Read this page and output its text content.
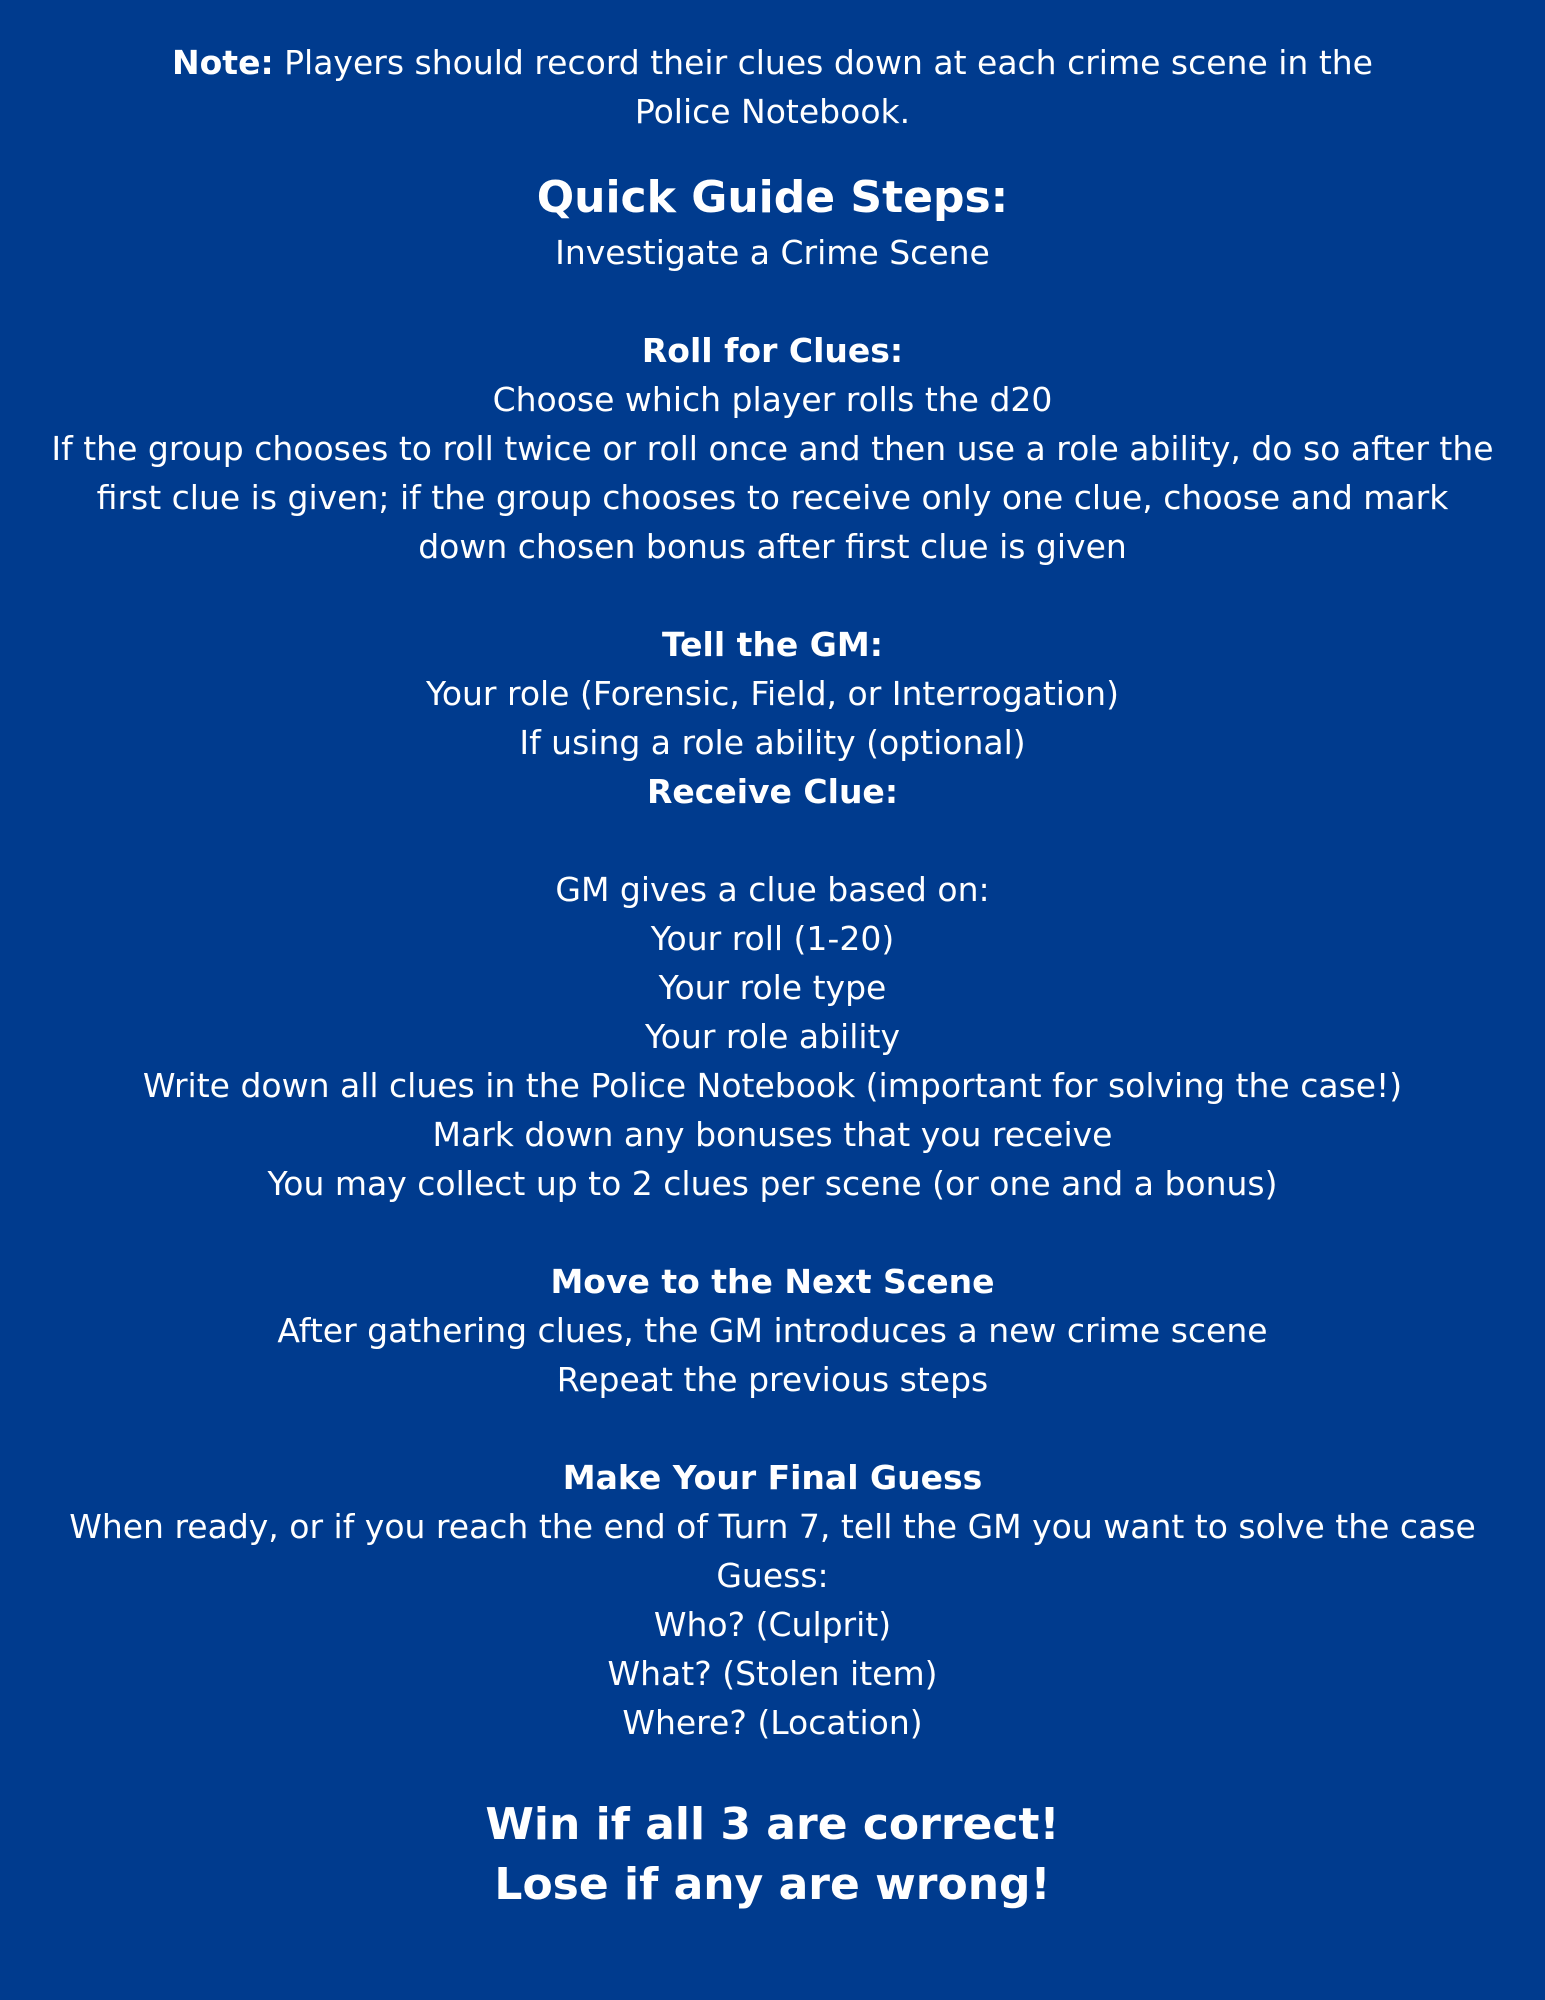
Note: Players should record their clues down at each crime scene in the Police Notebook.
Quick Guide Steps:
Investigate a Crime Scene
Roll for Clues:
Choose which player rolls the d20
If the group chooses to roll twice or roll once and then use a role ability, do so after the first clue is given; if the group chooses to receive only one clue, choose and mark down chosen bonus after first clue is given
Tell the GM:
Your role (Forensic, Field, or Interrogation)
If using a role ability (optional)
Receive Clue:
GM gives a clue based on:
Your roll (1-20)
Your role type
Your role ability
Write down all clues in the Police Notebook (important for solving the case!)
Mark down any bonuses that you receive
You may collect up to 2 clues per scene (or one and a bonus)
Move to the Next Scene
After gathering clues, the GM introduces a new crime scene
Repeat the previous steps
Make Your Final Guess
When ready, or if you reach the end of Turn 7, tell the GM you want to solve the case
Guess:
Who? (Culprit)
What? (Stolen item)
Where? (Location)
Win if all 3 are correct!
Lose if any are wrong!
